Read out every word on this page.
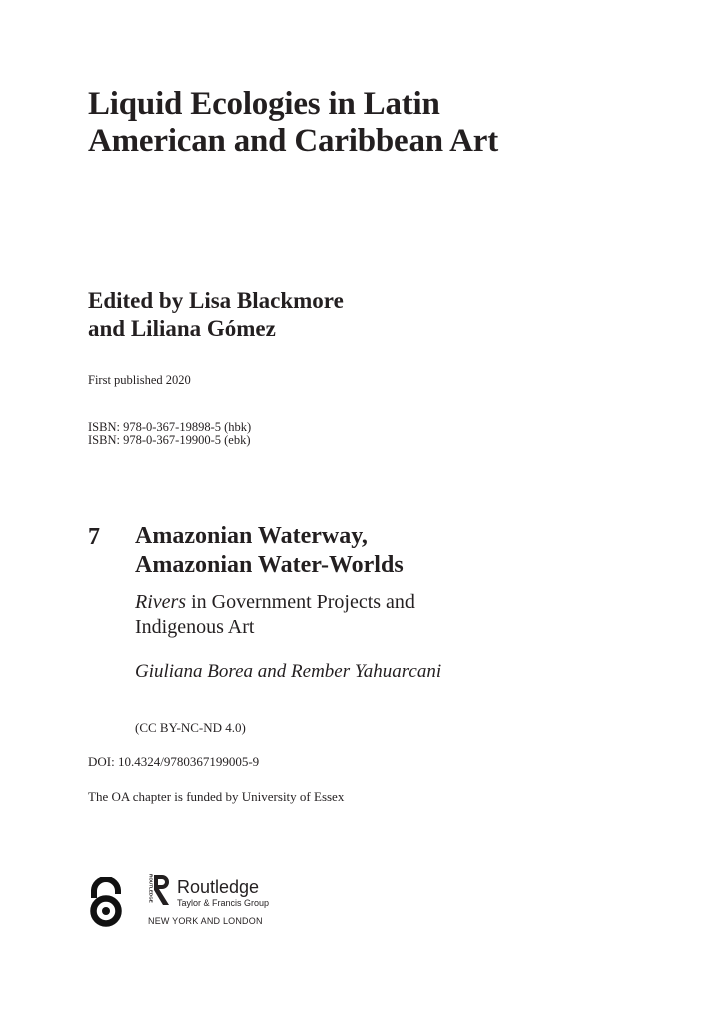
Liquid Ecologies in Latin
American and Caribbean Art
Edited by Lisa Blackmore
and Liliana Gómez
First published 2020
ISBN: 978-0-367-19898-5 (hbk)
ISBN: 978-0-367-19900-5 (ebk)
7 Amazonian Waterway,
Amazonian Water-Worlds
Rivers in Government Projects and
Indigenous Art
Giuliana Borea and Rember Yahuarcani
(CC BY-NC-ND 4.0)
DOI: 10.4324/9780367199005-9
The OA chapter is funded by University of Essex
ROUTLEDGE Routledge
Taylor & Francis Group
NEW YORK AND LONDON
